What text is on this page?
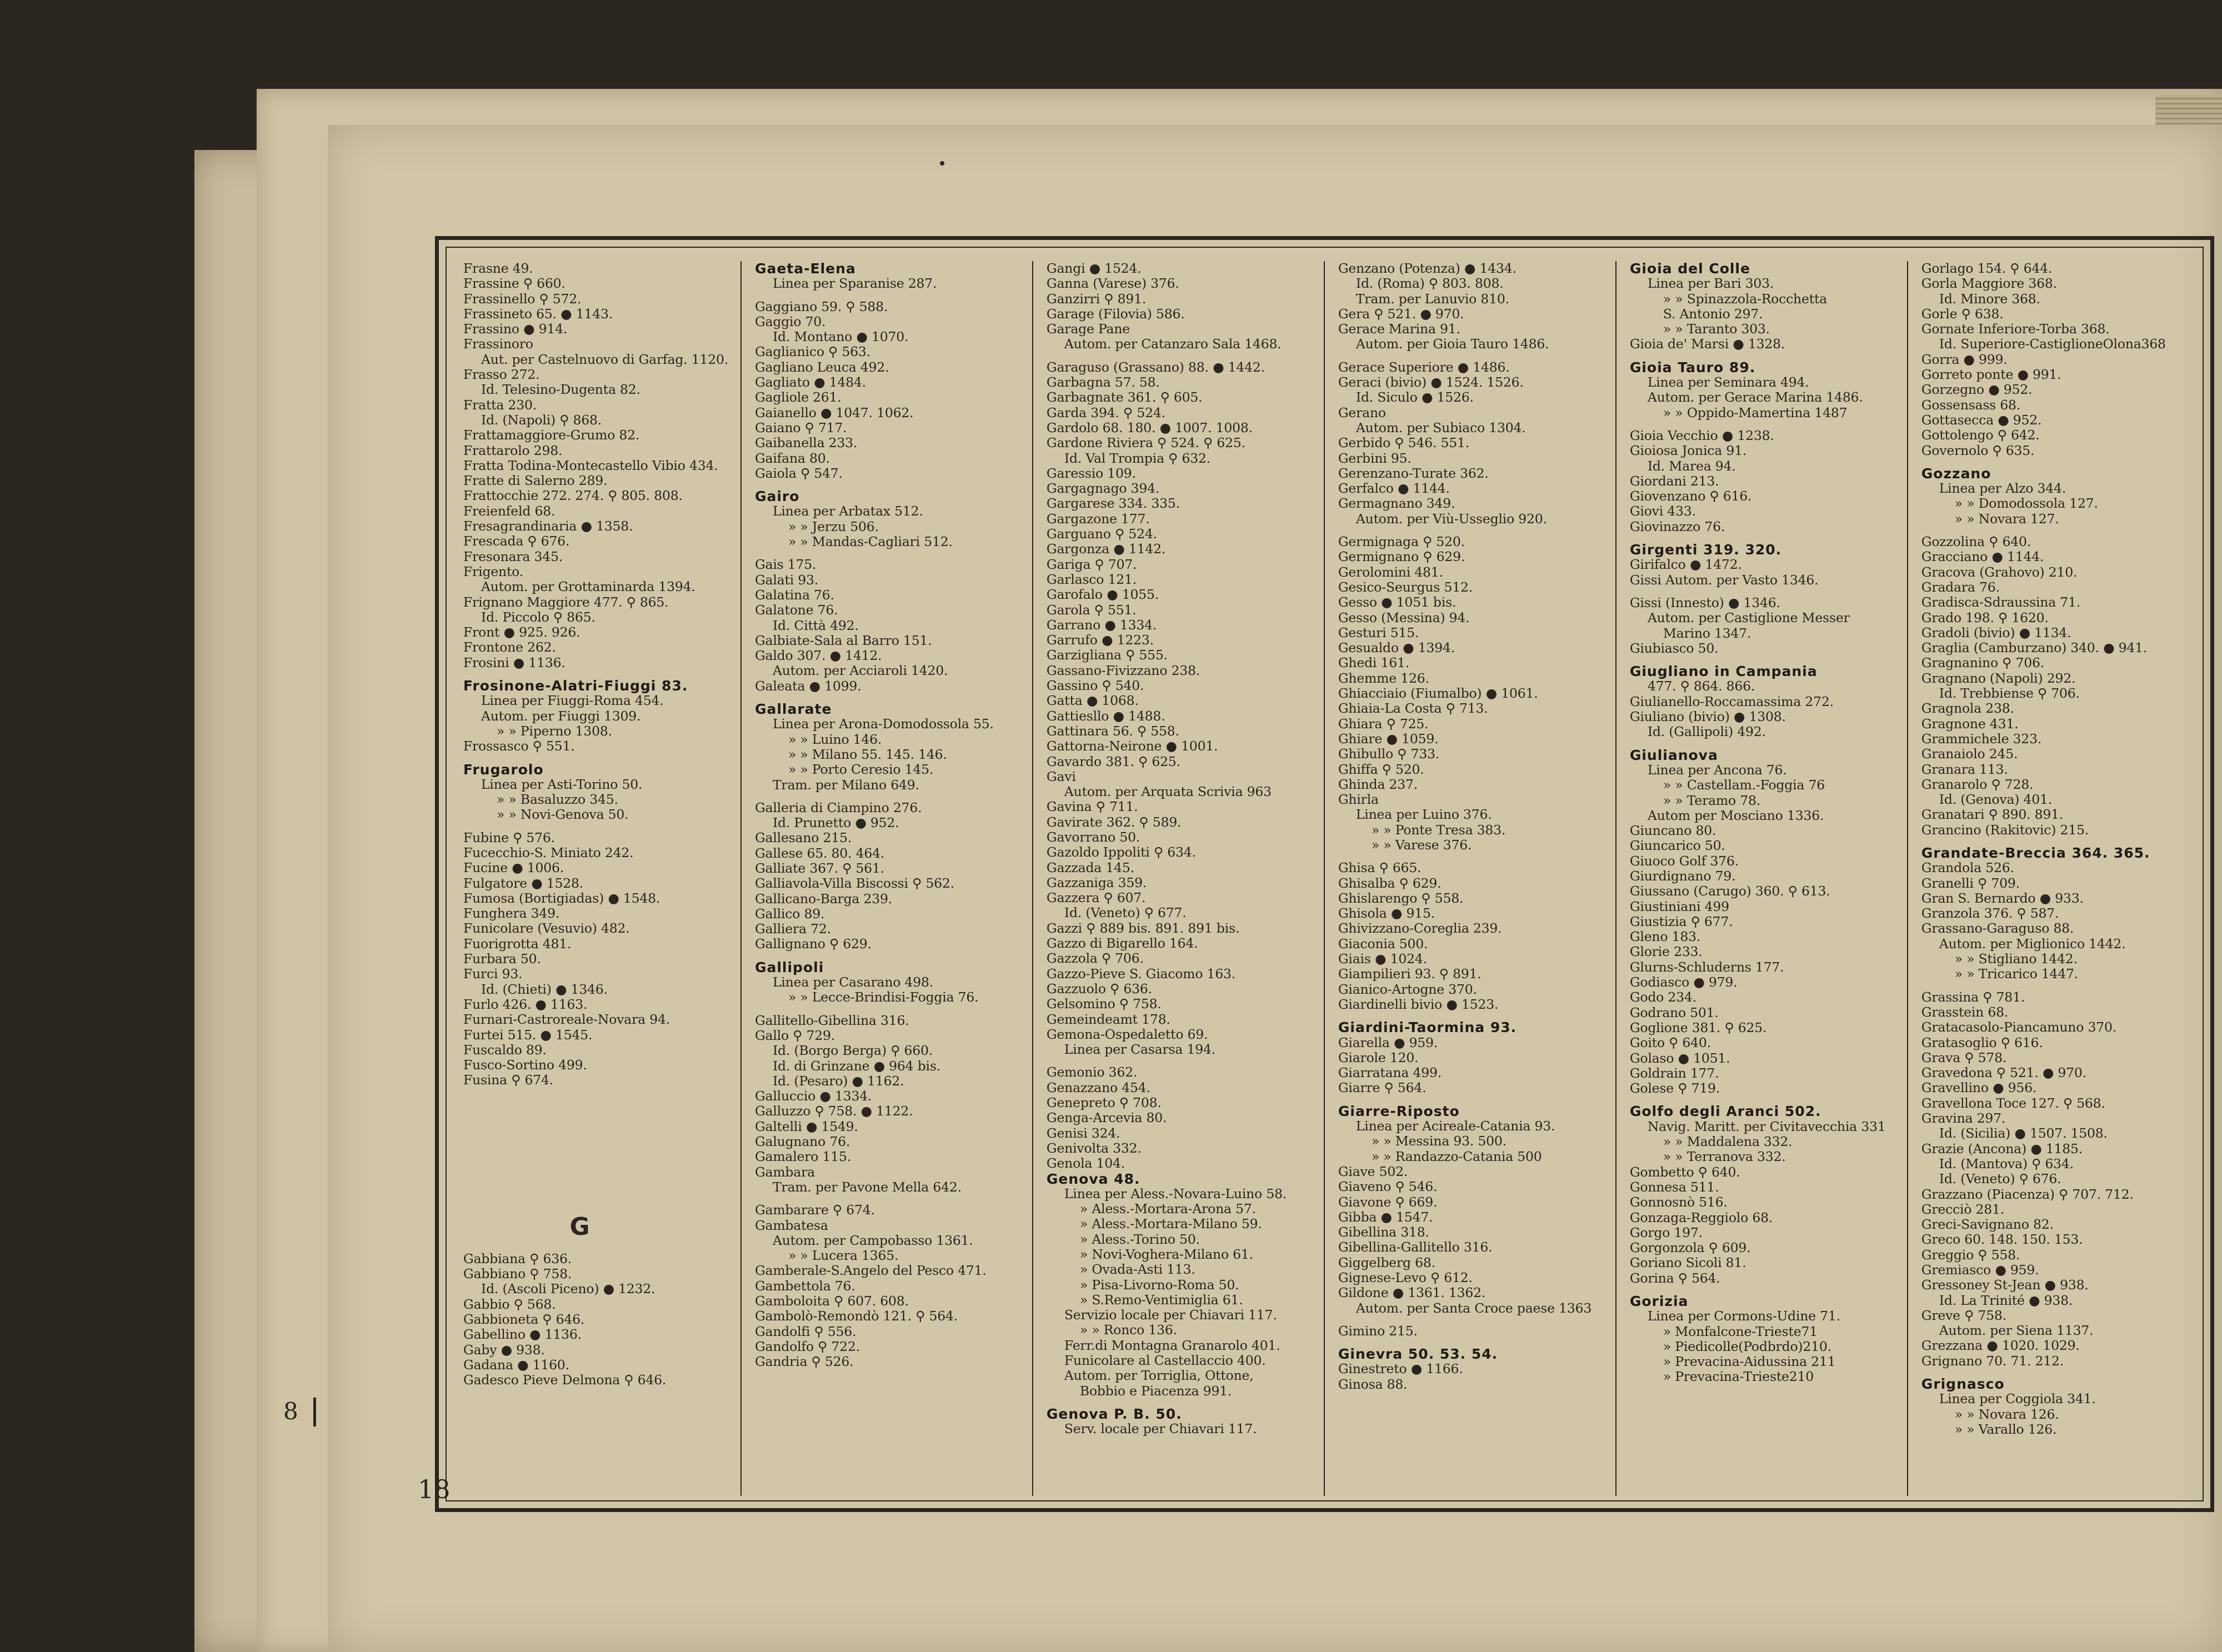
8
18
Frasne 49.
Frassine ⚲ 660.
Frassinello ⚲ 572.
Frassineto 65. ● 1143.
Frassino ● 914.
Frassinoro
Aut. per Castelnuovo di Garfag. 1120.
Frasso 272.
Id. Telesino-Dugenta 82.
Fratta 230.
Id. (Napoli) ⚲ 868.
Frattamaggiore-Grumo 82.
Frattarolo 298.
Fratta Todina-Montecastello Vibio 434.
Fratte di Salerno 289.
Frattocchie 272. 274. ⚲ 805. 808.
Freienfeld 68.
Fresagrandinaria ● 1358.
Frescada ⚲ 676.
Fresonara 345.
Frigento.
Autom. per Grottaminarda 1394.
Frignano Maggiore 477. ⚲ 865.
Id. Piccolo ⚲ 865.
Front ● 925. 926.
Frontone 262.
Frosini ● 1136.
Frosinone-Alatri-Fiuggi 83.
Linea per Fiuggi-Roma 454.
Autom. per Fiuggi 1309.
» » Piperno 1308.
Frossasco ⚲ 551.
Frugarolo
Linea per Asti-Torino 50.
» » Basaluzzo 345.
» » Novi-Genova 50.
Fubine ⚲ 576.
Fucecchio-S. Miniato 242.
Fucine ● 1006.
Fulgatore ● 1528.
Fumosa (Bortigiadas) ● 1548.
Funghera 349.
Funicolare (Vesuvio) 482.
Fuorigrotta 481.
Furbara 50.
Furci 93.
Id. (Chieti) ● 1346.
Furlo 426. ● 1163.
Furnari-Castroreale-Novara 94.
Furtei 515. ● 1545.
Fuscaldo 89.
Fusco-Sortino 499.
Fusina ⚲ 674.
G
Gabbiana ⚲ 636.
Gabbiano ⚲ 758.
Id. (Ascoli Piceno) ● 1232.
Gabbio ⚲ 568.
Gabbioneta ⚲ 646.
Gabellino ● 1136.
Gaby ● 938.
Gadana ● 1160.
Gadesco Pieve Delmona ⚲ 646.
Gaeta-Elena
Linea per Sparanise 287.
Gaggiano 59. ⚲ 588.
Gaggio 70.
Id. Montano ● 1070.
Gaglianico ⚲ 563.
Gagliano Leuca 492.
Gagliato ● 1484.
Gagliole 261.
Gaianello ● 1047. 1062.
Gaiano ⚲ 717.
Gaibanella 233.
Gaifana 80.
Gaiola ⚲ 547.
Gairo
Linea per Arbatax 512.
» » Jerzu 506.
» » Mandas-Cagliari 512.
Gais 175.
Galati 93.
Galatina 76.
Galatone 76.
Id. Città 492.
Galbiate-Sala al Barro 151.
Galdo 307. ● 1412.
Autom. per Acciaroli 1420.
Galeata ● 1099.
Gallarate
Linea per Arona-Domodossola 55.
» » Luino 146.
» » Milano 55. 145. 146.
» » Porto Ceresio 145.
Tram. per Milano 649.
Galleria di Ciampino 276.
Id. Prunetto ● 952.
Gallesano 215.
Gallese 65. 80. 464.
Galliate 367. ⚲ 561.
Galliavola-Villa Biscossi ⚲ 562.
Gallicano-Barga 239.
Gallico 89.
Galliera 72.
Gallignano ⚲ 629.
Gallipoli
Linea per Casarano 498.
» » Lecce-Brindisi-Foggia 76.
Gallitello-Gibellina 316.
Gallo ⚲ 729.
Id. (Borgo Berga) ⚲ 660.
Id. di Grinzane ● 964 bis.
Id. (Pesaro) ● 1162.
Galluccio ● 1334.
Galluzzo ⚲ 758. ● 1122.
Galtelli ● 1549.
Galugnano 76.
Gamalero 115.
Gambara
Tram. per Pavone Mella 642.
Gambarare ⚲ 674.
Gambatesa
Autom. per Campobasso 1361.
» » Lucera 1365.
Gamberale-S.Angelo del Pesco 471.
Gambettola 76.
Gamboloita ⚲ 607. 608.
Gambolò-Remondò 121. ⚲ 564.
Gandolfi ⚲ 556.
Gandolfo ⚲ 722.
Gandria ⚲ 526.
Gangi ● 1524.
Ganna (Varese) 376.
Ganzirri ⚲ 891.
Garage (Filovia) 586.
Garage Pane
Autom. per Catanzaro Sala 1468.
Garaguso (Grassano) 88. ● 1442.
Garbagna 57. 58.
Garbagnate 361. ⚲ 605.
Garda 394. ⚲ 524.
Gardolo 68. 180. ● 1007. 1008.
Gardone Riviera ⚲ 524. ⚲ 625.
Id. Val Trompia ⚲ 632.
Garessio 109.
Gargagnago 394.
Gargarese 334. 335.
Gargazone 177.
Garguano ⚲ 524.
Gargonza ● 1142.
Gariga ⚲ 707.
Garlasco 121.
Garofalo ● 1055.
Garola ⚲ 551.
Garrano ● 1334.
Garrufo ● 1223.
Garzigliana ⚲ 555.
Gassano-Fivizzano 238.
Gassino ⚲ 540.
Gatta ● 1068.
Gattiesllo ● 1488.
Gattinara 56. ⚲ 558.
Gattorna-Neirone ● 1001.
Gavardo 381. ⚲ 625.
Gavi
Autom. per Arquata Scrivia 963
Gavina ⚲ 711.
Gavirate 362. ⚲ 589.
Gavorrano 50.
Gazoldo Ippoliti ⚲ 634.
Gazzada 145.
Gazzaniga 359.
Gazzera ⚲ 607.
Id. (Veneto) ⚲ 677.
Gazzi ⚲ 889 bis. 891. 891 bis.
Gazzo di Bigarello 164.
Gazzola ⚲ 706.
Gazzo-Pieve S. Giacomo 163.
Gazzuolo ⚲ 636.
Gelsomino ⚲ 758.
Gemeindeamt 178.
Gemona-Ospedaletto 69.
Linea per Casarsa 194.
Gemonio 362.
Genazzano 454.
Genepreto ⚲ 708.
Genga-Arcevia 80.
Genisi 324.
Genivolta 332.
Genola 104.
Genova 48.
Linea per Aless.-Novara-Luino 58.
» Aless.-Mortara-Arona 57.
» Aless.-Mortara-Milano 59.
» Aless.-Torino 50.
» Novi-Voghera-Milano 61.
» Ovada-Asti 113.
» Pisa-Livorno-Roma 50.
» S.Remo-Ventimiglia 61.
Servizio locale per Chiavari 117.
» » Ronco 136.
Ferr.di Montagna Granarolo 401.
Funicolare al Castellaccio 400.
Autom. per Torriglia, Ottone,
Bobbio e Piacenza 991.
Genova P. B. 50.
Serv. locale per Chiavari 117.
Genzano (Potenza) ● 1434.
Id. (Roma) ⚲ 803. 808.
Tram. per Lanuvio 810.
Gera ⚲ 521. ● 970.
Gerace Marina 91.
Autom. per Gioia Tauro 1486.
Gerace Superiore ● 1486.
Geraci (bivio) ● 1524. 1526.
Id. Siculo ● 1526.
Gerano
Autom. per Subiaco 1304.
Gerbido ⚲ 546. 551.
Gerbini 95.
Gerenzano-Turate 362.
Gerfalco ● 1144.
Germagnano 349.
Autom. per Viù-Usseglio 920.
Germignaga ⚲ 520.
Germignano ⚲ 629.
Gerolomini 481.
Gesico-Seurgus 512.
Gesso ● 1051 bis.
Gesso (Messina) 94.
Gesturi 515.
Gesualdo ● 1394.
Ghedi 161.
Ghemme 126.
Ghiacciaio (Fiumalbo) ● 1061.
Ghiaia-La Costa ⚲ 713.
Ghiara ⚲ 725.
Ghiare ● 1059.
Ghibullo ⚲ 733.
Ghiffa ⚲ 520.
Ghinda 237.
Ghirla
Linea per Luino 376.
» » Ponte Tresa 383.
» » Varese 376.
Ghisa ⚲ 665.
Ghisalba ⚲ 629.
Ghislarengo ⚲ 558.
Ghisola ● 915.
Ghivizzano-Coreglia 239.
Giaconia 500.
Giais ● 1024.
Giampilieri 93. ⚲ 891.
Gianico-Artogne 370.
Giardinelli bivio ● 1523.
Giardini-Taormina 93.
Giarella ● 959.
Giarole 120.
Giarratana 499.
Giarre ⚲ 564.
Giarre-Riposto
Linea per Acireale-Catania 93.
» » Messina 93. 500.
» » Randazzo-Catania 500
Giave 502.
Giaveno ⚲ 546.
Giavone ⚲ 669.
Gibba ● 1547.
Gibellina 318.
Gibellina-Gallitello 316.
Giggelberg 68.
Gignese-Levo ⚲ 612.
Gildone ● 1361. 1362.
Autom. per Santa Croce paese 1363
Gimino 215.
Ginevra 50. 53. 54.
Ginestreto ● 1166.
Ginosa 88.
Gioia del Colle
Linea per Bari 303.
» » Spinazzola-Rocchetta
S. Antonio 297.
» » Taranto 303.
Gioia de' Marsi ● 1328.
Gioia Tauro 89.
Linea per Seminara 494.
Autom. per Gerace Marina 1486.
» » Oppido-Mamertina 1487
Gioia Vecchio ● 1238.
Gioiosa Jonica 91.
Id. Marea 94.
Giordani 213.
Giovenzano ⚲ 616.
Giovi 433.
Giovinazzo 76.
Girgenti 319. 320.
Girifalco ● 1472.
Gissi Autom. per Vasto 1346.
Gissi (Innesto) ● 1346.
Autom. per Castiglione Messer
Marino 1347.
Giubiasco 50.
Giugliano in Campania
477. ⚲ 864. 866.
Giulianello-Roccamassima 272.
Giuliano (bivio) ● 1308.
Id. (Gallipoli) 492.
Giulianova
Linea per Ancona 76.
» » Castellam.-Foggia 76
» » Teramo 78.
Autom per Mosciano 1336.
Giuncano 80.
Giuncarico 50.
Giuoco Golf 376.
Giurdignano 79.
Giussano (Carugo) 360. ⚲ 613.
Giustiniani 499
Giustizia ⚲ 677.
Gleno 183.
Glorie 233.
Glurns-Schluderns 177.
Godiasco ● 979.
Godo 234.
Godrano 501.
Goglione 381. ⚲ 625.
Goito ⚲ 640.
Golaso ● 1051.
Goldrain 177.
Golese ⚲ 719.
Golfo degli Aranci 502.
Navig. Maritt. per Civitavecchia 331
» » Maddalena 332.
» » Terranova 332.
Gombetto ⚲ 640.
Gonnesa 511.
Gonnosnò 516.
Gonzaga-Reggiolo 68.
Gorgo 197.
Gorgonzola ⚲ 609.
Goriano Sicoli 81.
Gorina ⚲ 564.
Gorizia
Linea per Cormons-Udine 71.
» Monfalcone-Trieste71
» Piedicolle(Podbrdo)210.
» Prevacina-Aidussina 211
» Prevacina-Trieste210
Gorlago 154. ⚲ 644.
Gorla Maggiore 368.
Id. Minore 368.
Gorle ⚲ 638.
Gornate Inferiore-Torba 368.
Id. Superiore-CastiglioneOlona368
Gorra ● 999.
Gorreto ponte ● 991.
Gorzegno ● 952.
Gossensass 68.
Gottasecca ● 952.
Gottolengo ⚲ 642.
Governolo ⚲ 635.
Gozzano
Linea per Alzo 344.
» » Domodossola 127.
» » Novara 127.
Gozzolina ⚲ 640.
Gracciano ● 1144.
Gracova (Grahovo) 210.
Gradara 76.
Gradisca-Sdraussina 71.
Grado 198. ⚲ 1620.
Gradoli (bivio) ● 1134.
Graglia (Camburzano) 340. ● 941.
Gragnanino ⚲ 706.
Gragnano (Napoli) 292.
Id. Trebbiense ⚲ 706.
Gragnola 238.
Gragnone 431.
Grammichele 323.
Granaiolo 245.
Granara 113.
Granarolo ⚲ 728.
Id. (Genova) 401.
Granatari ⚲ 890. 891.
Grancino (Rakitovic) 215.
Grandate-Breccia 364. 365.
Grandola 526.
Granelli ⚲ 709.
Gran S. Bernardo ● 933.
Granzola 376. ⚲ 587.
Grassano-Garaguso 88.
Autom. per Miglionico 1442.
» » Stigliano 1442.
» » Tricarico 1447.
Grassina ⚲ 781.
Grasstein 68.
Gratacasolo-Piancamuno 370.
Gratasoglio ⚲ 616.
Grava ⚲ 578.
Gravedona ⚲ 521. ● 970.
Gravellino ● 956.
Gravellona Toce 127. ⚲ 568.
Gravina 297.
Id. (Sicilia) ● 1507. 1508.
Grazie (Ancona) ● 1185.
Id. (Mantova) ⚲ 634.
Id. (Veneto) ⚲ 676.
Grazzano (Piacenza) ⚲ 707. 712.
Grecciò 281.
Greci-Savignano 82.
Greco 60. 148. 150. 153.
Greggio ⚲ 558.
Gremiasco ● 959.
Gressoney St-Jean ● 938.
Id. La Trinité ● 938.
Greve ⚲ 758.
Autom. per Siena 1137.
Grezzana ● 1020. 1029.
Grignano 70. 71. 212.
Grignasco
Linea per Coggiola 341.
» » Novara 126.
» » Varallo 126.
